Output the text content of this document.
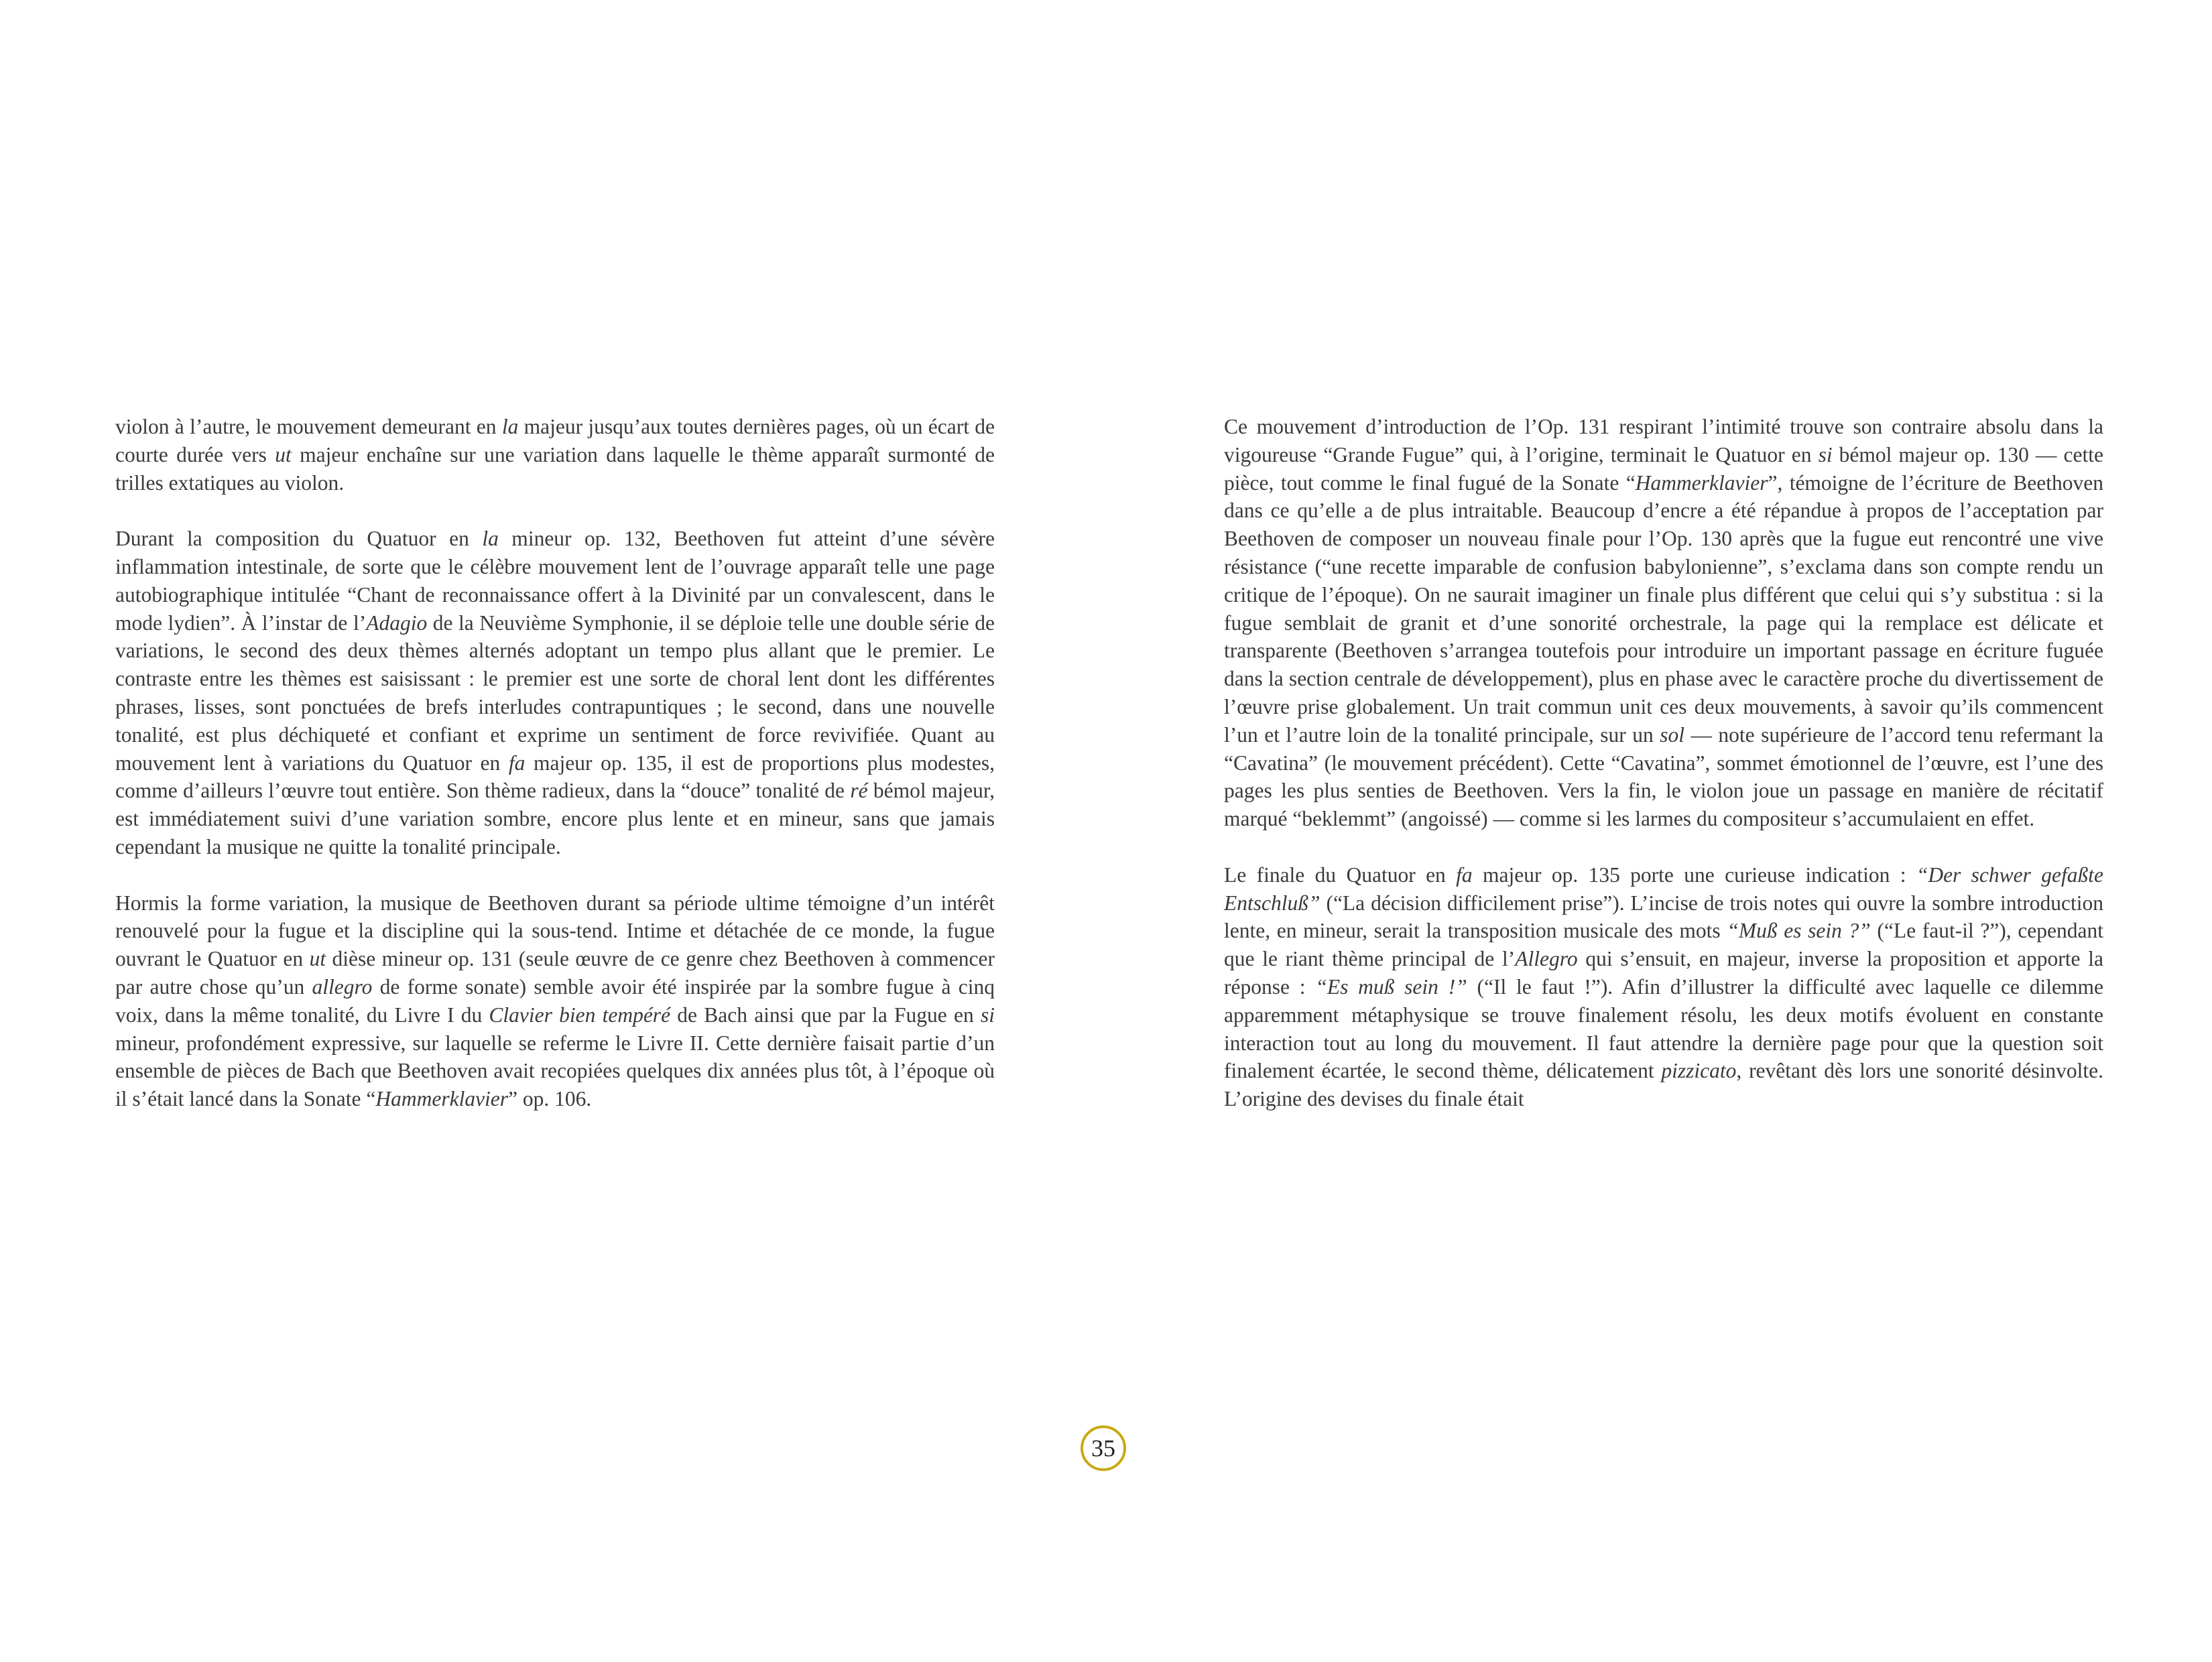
violon à l’autre, le mouvement demeurant en la majeur jusqu’aux toutes dernières pages, où un écart de courte durée vers ut majeur enchaîne sur une variation dans laquelle le thème apparaît surmonté de trilles extatiques au violon.

Durant la composition du Quatuor en la mineur op. 132, Beethoven fut atteint d’une sévère inflammation intestinale, de sorte que le célèbre mouvement lent de l’ouvrage apparaît telle une page autobiographique intitulée “Chant de reconnaissance offert à la Divinité par un convalescent, dans le mode lydien”. À l’instar de l’Adagio de la Neuvième Symphonie, il se déploie telle une double série de variations, le second des deux thèmes alternés adoptant un tempo plus allant que le premier. Le contraste entre les thèmes est saisissant : le premier est une sorte de choral lent dont les différentes phrases, lisses, sont ponctuées de brefs interludes contrapuntiques ; le second, dans une nouvelle tonalité, est plus déchiqueté et confiant et exprime un sentiment de force revivifiée. Quant au mouvement lent à variations du Quatuor en fa majeur op. 135, il est de proportions plus modestes, comme d’ailleurs l’œuvre tout entière. Son thème radieux, dans la “douce” tonalité de ré bémol majeur, est immédiatement suivi d’une variation sombre, encore plus lente et en mineur, sans que jamais cependant la musique ne quitte la tonalité principale.

Hormis la forme variation, la musique de Beethoven durant sa période ultime témoigne d’un intérêt renouvelé pour la fugue et la discipline qui la sous-tend. Intime et détachée de ce monde, la fugue ouvrant le Quatuor en ut dièse mineur op. 131 (seule œuvre de ce genre chez Beethoven à commencer par autre chose qu’un allegro de forme sonate) semble avoir été inspirée par la sombre fugue à cinq voix, dans la même tonalité, du Livre I du Clavier bien tempéré de Bach ainsi que par la Fugue en si mineur, profondément expressive, sur laquelle se referme le Livre II. Cette dernière faisait partie d’un ensemble de pièces de Bach que Beethoven avait recopiées quelques dix années plus tôt, à l’époque où il s’était lancé dans la Sonate “Hammerklavier” op. 106.

Ce mouvement d’introduction de l’Op. 131 respirant l’intimité trouve son contraire absolu dans la vigoureuse “Grande Fugue” qui, à l’origine, terminait le Quatuor en si bémol majeur op. 130 — cette pièce, tout comme le final fugué de la Sonate “Hammerklavier”, témoigne de l’écriture de Beethoven dans ce qu’elle a de plus intraitable. Beaucoup d’encre a été répandue à propos de l’acceptation par Beethoven de composer un nouveau finale pour l’Op. 130 après que la fugue eut rencontré une vive résistance (“une recette imparable de confusion babylonienne”, s’exclama dans son compte rendu un critique de l’époque). On ne saurait imaginer un finale plus différent que celui qui s’y substitua : si la fugue semblait de granit et d’une sonorité orchestrale, la page qui la remplace est délicate et transparente (Beethoven s’arrangea toutefois pour introduire un important passage en écriture fuguée dans la section centrale de développement), plus en phase avec le caractère proche du divertissement de l’œuvre prise globalement. Un trait commun unit ces deux mouvements, à savoir qu’ils commencent l’un et l’autre loin de la tonalité principale, sur un sol — note supérieure de l’accord tenu refermant la “Cavatina” (le mouvement précédent). Cette “Cavatina”, sommet émotionnel de l’œuvre, est l’une des pages les plus senties de Beethoven. Vers la fin, le violon joue un passage en manière de récitatif marqué “beklemmt” (angoissé) — comme si les larmes du compositeur s’accumulaient en effet.

Le finale du Quatuor en fa majeur op. 135 porte une curieuse indication : “Der schwer gefaßte Entschluß” (“La décision difficilement prise”). L’incise de trois notes qui ouvre la sombre introduction lente, en mineur, serait la transposition musicale des mots “Muß es sein ?” (“Le faut-il ?”), cependant que le riant thème principal de l’Allegro qui s’ensuit, en majeur, inverse la proposition et apporte la réponse : “Es muß sein !” (“Il le faut !”). Afin d’illustrer la difficulté avec laquelle ce dilemme apparemment métaphysique se trouve finalement résolu, les deux motifs évoluent en constante interaction tout au long du mouvement. Il faut attendre la dernière page pour que la question soit finalement écartée, le second thème, délicatement pizzicato, revêtant dès lors une sonorité désinvolte. L’origine des devises du finale était

35
